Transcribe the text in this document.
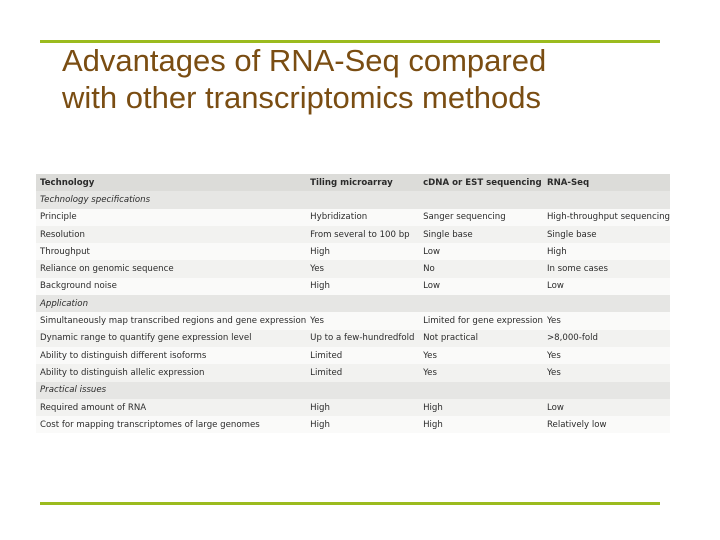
Advantages of RNA-Seq compared
with other transcriptomics methods
Technology	Tiling microarray	cDNA or EST sequencing	RNA-Seq
Technology specifications			
Principle	Hybridization	Sanger sequencing	High-throughput sequencing
Resolution	From several to 100 bp	Single base	Single base
Throughput	High	Low	High
Reliance on genomic sequence	Yes	No	In some cases
Background noise	High	Low	Low
Application			
Simultaneously map transcribed regions and gene expression	Yes	Limited for gene expression	Yes
Dynamic range to quantify gene expression level	Up to a few-hundredfold	Not practical	>8,000-fold
Ability to distinguish different isoforms	Limited	Yes	Yes
Ability to distinguish allelic expression	Limited	Yes	Yes
Practical issues			
Required amount of RNA	High	High	Low
Cost for mapping transcriptomes of large genomes	High	High	Relatively low
